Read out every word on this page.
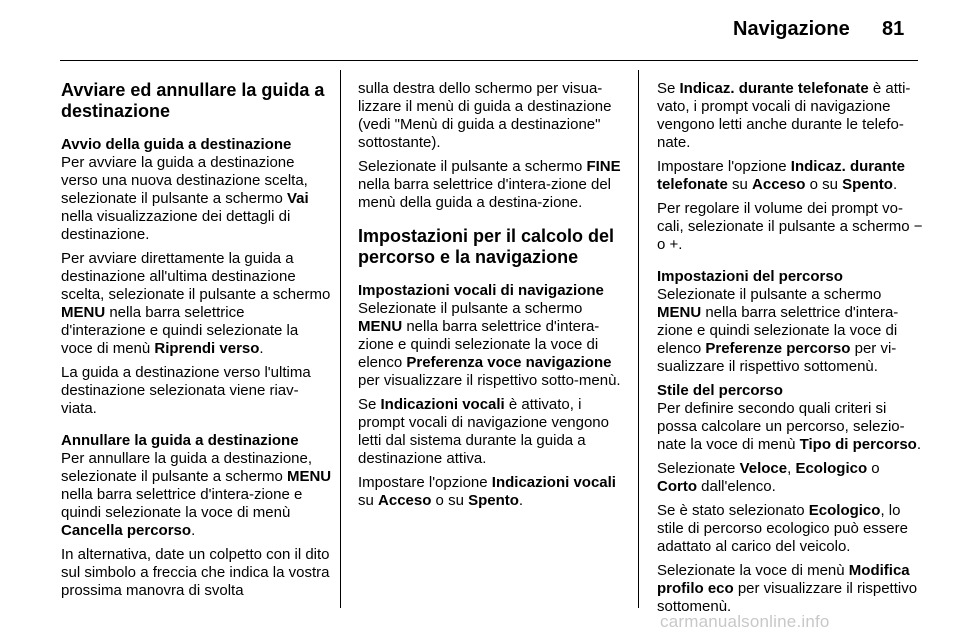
Navigazione 81
Avviare ed annullare la guida a destinazione
Avvio della guida a destinazione

Per avviare la guida a destinazione verso una nuova destinazione scelta, selezionate il pulsante a schermo Vai nella visualizzazione dei dettagli di destinazione.

Per avviare direttamente la guida a destinazione all'ultima destinazione scelta, selezionate il pulsante a schermo MENU nella barra selettrice d'interazione e quindi selezionate la voce di menù Riprendi verso.

La guida a destinazione verso l'ultima destinazione selezionata viene riav-viata.

Annullare la guida a destinazione

Per annullare la guida a destinazione, selezionate il pulsante a schermo MENU nella barra selettrice d'intera-zione e quindi selezionate la voce di menù Cancella percorso.

In alternativa, date un colpetto con il dito sul simbolo a freccia che indica la vostra prossima manovra di svolta

sulla destra dello schermo per visua-lizzare il menù di guida a destinazione (vedi "Menù di guida a destinazione" sottostante).

Selezionate il pulsante a schermo FINE nella barra selettrice d'intera-zione del menù della guida a destina-zione.

Impostazioni per il calcolo del percorso e la navigazione
Impostazioni vocali di navigazione

Selezionate il pulsante a schermo MENU nella barra selettrice d'intera-zione e quindi selezionate la voce di elenco Preferenza voce navigazione per visualizzare il rispettivo sotto-menù.

Se Indicazioni vocali è attivato, i prompt vocali di navigazione vengono letti dal sistema durante la guida a destinazione attiva.

Impostare l'opzione Indicazioni vocali su Acceso o su Spento.

Se Indicaz. durante telefonate è atti-vato, i prompt vocali di navigazione vengono letti anche durante le telefo-nate.

Impostare l'opzione Indicaz. durante telefonate su Acceso o su Spento.

Per regolare il volume dei prompt vo-cali, selezionate il pulsante a schermo − o +.

Impostazioni del percorso

Selezionate il pulsante a schermo MENU nella barra selettrice d'intera-zione e quindi selezionate la voce di elenco Preferenze percorso per vi-sualizzare il rispettivo sottomenù.

Stile del percorso

Per definire secondo quali criteri si possa calcolare un percorso, selezio-nate la voce di menù Tipo di percorso.

Selezionate Veloce, Ecologico o Corto dall'elenco.

Se è stato selezionato Ecologico, lo stile di percorso ecologico può essere adattato al carico del veicolo.

Selezionate la voce di menù Modifica profilo eco per visualizzare il rispettivo sottomenù.

carmanualsonline.info
